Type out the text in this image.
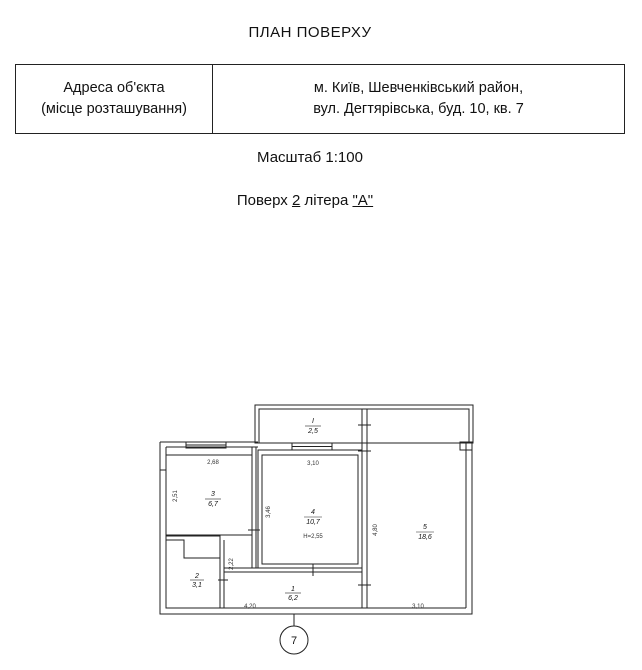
ПЛАН ПОВЕРХУ
Адреса об'єкта
(місце розташування)
м. Київ, Шевченківський район,
вул. Дегтярівська, буд. 10, кв. 7
Масштаб 1:100
Поверх 2 літера "А"
I
2,5
3
6,7
4
10,7
H=2,55
5
18,6
2
3,1
1
6,2
2,68
2,51
3,10
3,46
2,22
4,20
4,80
3,10
7
